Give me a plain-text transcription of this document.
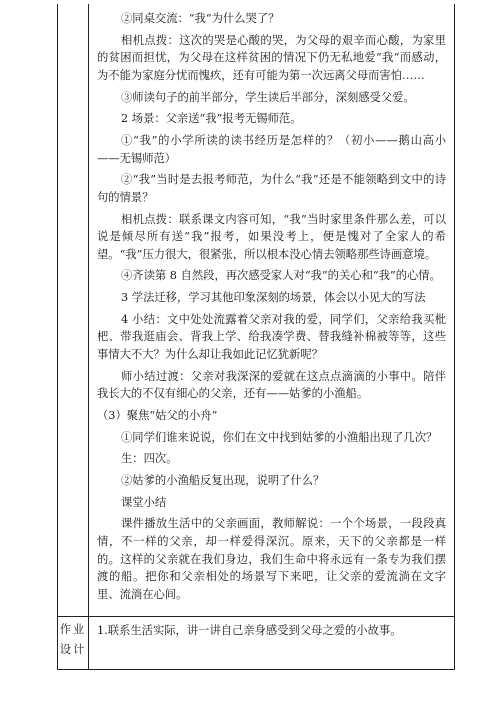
②同桌交流：“我”为什么哭了？

相机点拨：这次的哭是心酸的哭，为父母的艰辛而心酸，为家里的贫困而担忧，为父母在这样贫困的情况下仍无私地爱“我”而感动，为不能为家庭分忧而愧疚，还有可能为第一次远离父母而害怕……

③师读句子的前半部分，学生读后半部分，深刻感受父爱。

2 场景：父亲送“我”报考无锡师范。

①“我”的小学所读的读书经历是怎样的？（初小——鹅山高小——无锡师范）

②“我”当时是去报考师范，为什么“我”还是不能领略到文中的诗句的情景？

相机点拨：联系课文内容可知，“我”当时家里条件那么差，可以说是倾尽所有送“我”报考，如果没考上，便是愧对了全家人的希望。“我”压力很大，很紧张，所以根本没心情去领略那些诗画意境。

④齐读第 8 自然段，再次感受家人对“我”的关心和“我”的心情。

3 学法迁移，学习其他印象深刻的场景，体会以小见大的写法

4 小结：文中处处流露着父亲对我的爱，同学们，父亲给我买枇杷、带我逛庙会、背我上学、给我凑学费、替我缝补棉被等等，这些事情大不大？为什么却让我如此记忆犹新呢？

师小结过渡：父亲对我深深的爱就在这点点滴滴的小事中。陪伴我长大的不仅有细心的父亲，还有——姑爹的小渔船。

（3）聚焦“姑父的小舟”

①同学们谁来说说，你们在文中找到姑爹的小渔船出现了几次？

生：四次。

②姑爹的小渔船反复出现，说明了什么？

课堂小结

课件播放生活中的父亲画面，教师解说：一个个场景，一段段真情，不一样的父亲，却一样爱得深沉。原来，天下的父亲都是一样的。这样的父亲就在我们身边，我们生命中将永远有一条专为我们摆渡的船。把你和父亲相处的场景写下来吧，让父亲的爱流淌在文字里、流淌在心间。

作业设计
1.联系生活实际，讲一讲自己亲身感受到父母之爱的小故事。
